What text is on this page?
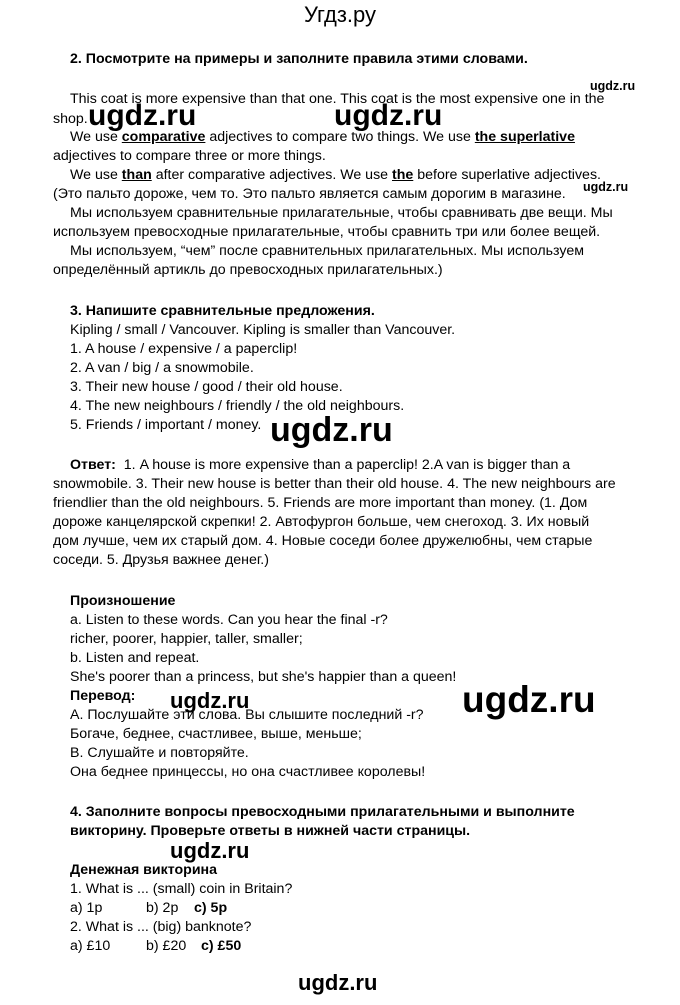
Угдз.ру
2. Посмотрите на примеры и заполните правила этими словами.
ugdz.ru
This coat is more expensive than that one. This coat is the most expensive one in the
shop. ugdz.ru	ugdz.ru
We use comparative adjectives to compare two things. We use the superlative
adjectives to compare three or more things.
We use than after comparative adjectives. We use the before superlative adjectives.
ugdz.ru
(Это пальто дороже, чем то. Это пальто является самым дорогим в магазине.
Мы используем сравнительные прилагательные, чтобы сравнивать две вещи. Мы
используем превосходные прилагательные, чтобы сравнить три или более вещей.
Мы используем, “чем” после сравнительных прилагательных. Мы используем
определённый артикль до превосходных прилагательных.)
3. Напишите сравнительные предложения.
Kipling / small / Vancouver. Kipling is smaller than Vancouver.
1. A house / expensive / a paperclip!
2. A van / big / a snowmobile.
3. Their new house / good / their old house.
4. The new neighbours / friendly / the old neighbours.
5. Friends / important / money. ugdz.ru
Ответ: 1. A house is more expensive than a paperclip! 2.A van is bigger than a
snowmobile. 3. Their new house is better than their old house. 4. The new neighbours are
friendlier than the old neighbours. 5. Friends are more important than money. (1. Дом
дороже канцелярской скрепки! 2. Автофургон больше, чем снегоход. 3. Их новый
дом лучше, чем их старый дом. 4. Новые соседи более дружелюбны, чем старые
соседи. 5. Друзья важнее денег.)
Произношение
a. Listen to these words. Can you hear the final -r?
richer, poorer, happier, taller, smaller;
b. Listen and repeat.
She's poorer than a princess, but she's happier than a queen!
Перевод: ugdz.ru	ugdz.ru
А. Послушайте эти слова. Вы слышите последний -r?
Богаче, беднее, счастливее, выше, меньше;
В. Слушайте и повторяйте.
Она беднее принцессы, но она счастливее королевы!
4. Заполните вопросы превосходными прилагательными и выполните
викторину. Проверьте ответы в нижней части страницы.
ugdz.ru
Денежная викторина
1. What is ... (small) coin in Britain?
a) 1p	b) 2p c) 5p
2. What is ... (big) banknote?
a) £10	b) £20 c) £50
ugdz.ru
